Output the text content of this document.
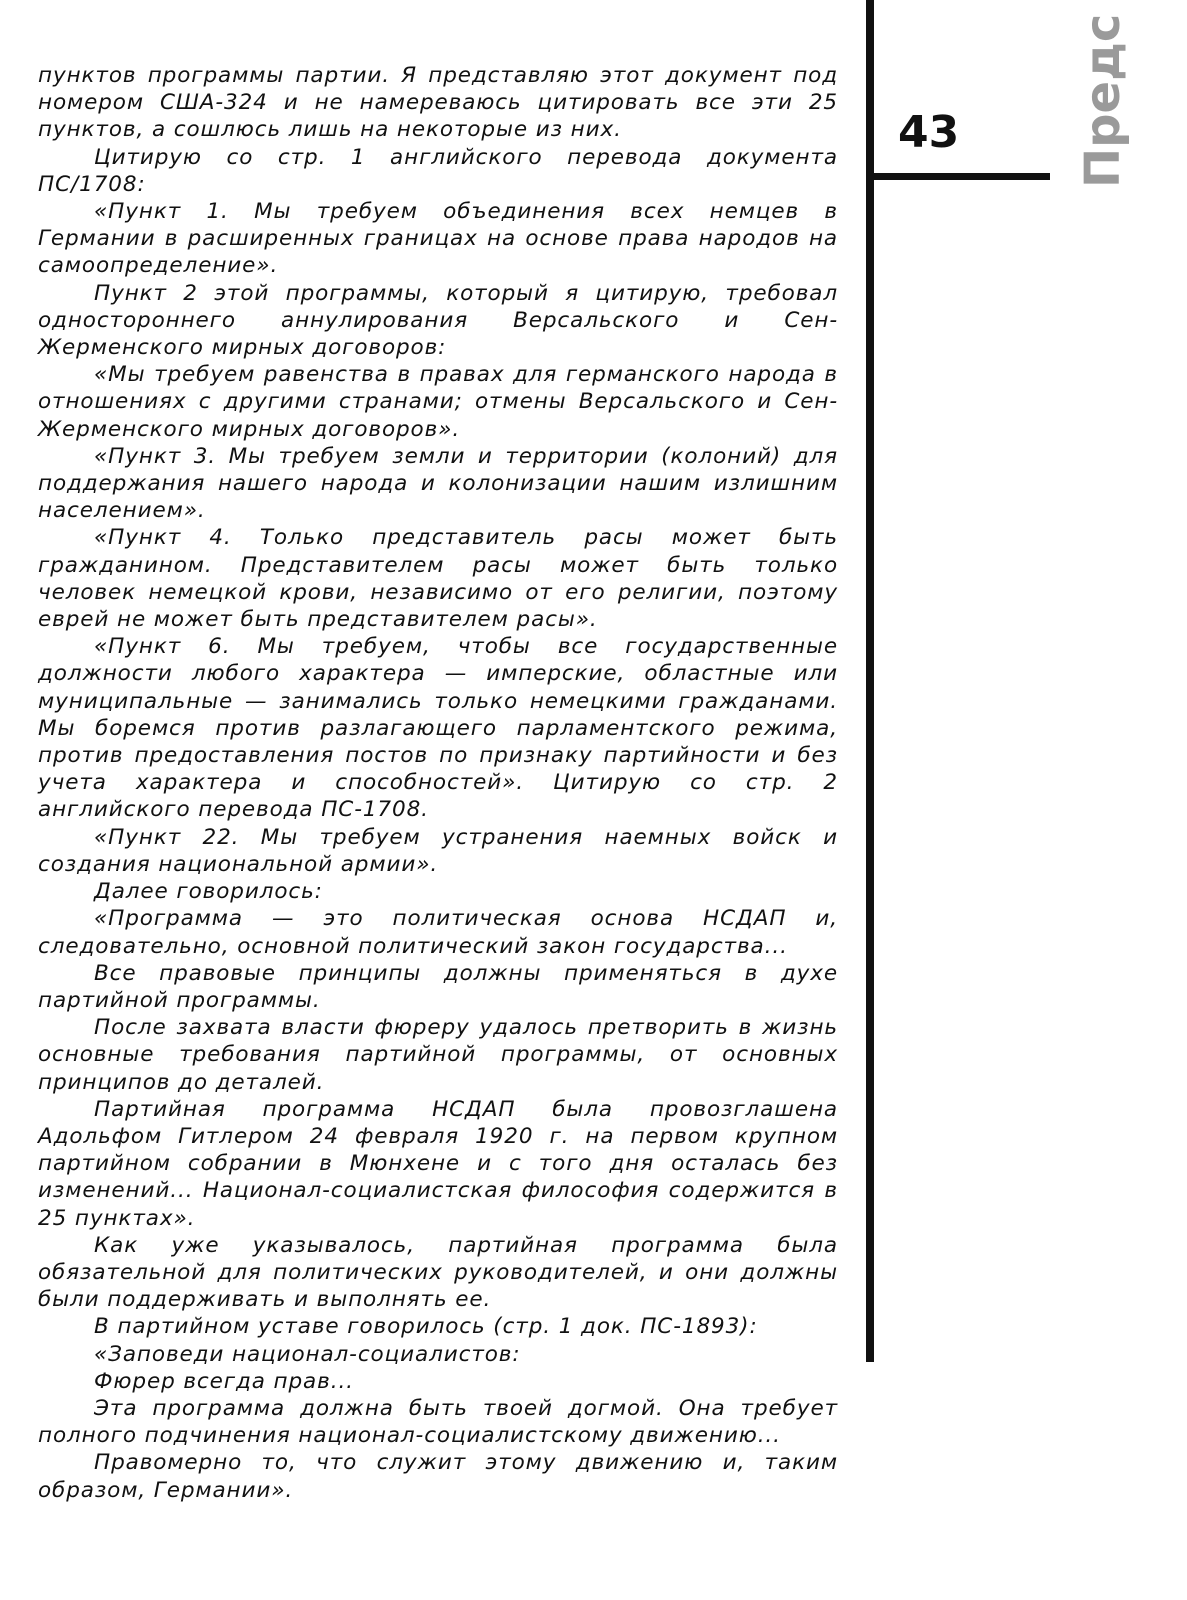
пунктов программы партии. Я представляю этот документ под номером США-324 и не намереваюсь цитировать все эти 25 пунктов, а сошлюсь лишь на некоторые из них.

Цитирую со стр. 1 английского перевода документа ПС/1708:

«Пункт 1. Мы требуем объединения всех немцев в Германии в расширенных границах на основе права народов на самоопределение».

Пункт 2 этой программы, который я цитирую, требовал одностороннего аннулирования Версальского и Сен-Жерменского мирных договоров:

«Мы требуем равенства в правах для германского народа в отношениях с другими странами; отмены Версальского и Сен-Жерменского мирных договоров».

«Пункт 3. Мы требуем земли и территории (колоний) для поддержания нашего народа и колонизации нашим излишним населением».

«Пункт 4. Только представитель расы может быть гражданином. Представителем расы может быть только человек немецкой крови, независимо от его религии, поэтому еврей не может быть представителем расы».

«Пункт 6. Мы требуем, чтобы все государственные должности любого характера — имперские, областные или муниципальные — занимались только немецкими гражданами. Мы боремся против разлагающего парламентского режима, против предоставления постов по признаку партийности и без учета характера и способностей». Цитирую со стр. 2 английского перевода ПС-1708.

«Пункт 22. Мы требуем устранения наемных войск и создания национальной армии».

Далее говорилось:

«Программа — это политическая основа НСДАП и, следовательно, основной политический закон государства...

Все правовые принципы должны применяться в духе партийной программы.

После захвата власти фюреру удалось претворить в жизнь основные требования партийной программы, от основных принципов до деталей.

Партийная программа НСДАП была провозглашена Адольфом Гитлером 24 февраля 1920 г. на первом крупном партийном собрании в Мюнхене и с того дня осталась без изменений... Национал-социалистская философия содержится в 25 пунктах».

Как уже указывалось, партийная программа была обязательной для политических руководителей, и они должны были поддерживать и выполнять ее.

В партийном уставе говорилось (стр. 1 док. ПС-1893):

«Заповеди национал-социалистов:

Фюрер всегда прав...

Эта программа должна быть твоей догмой. Она требует полного подчинения национал-социалистскому движению...

Правомерно то, что служит этому движению и, таким образом, Германии».

43 Предс
